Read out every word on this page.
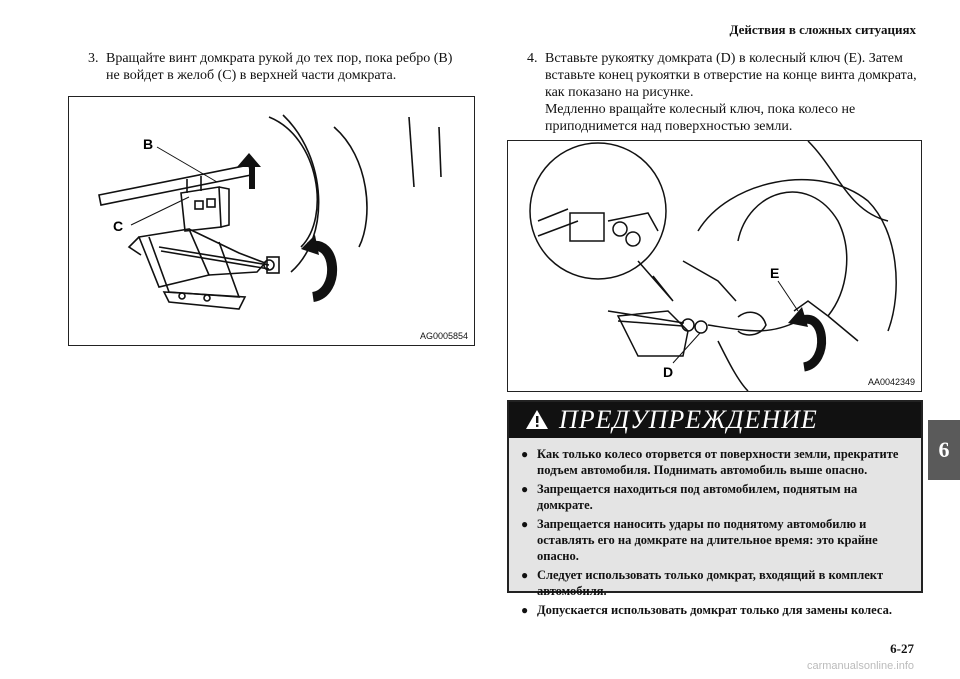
Действия в сложных ситуациях
3. Вращайте винт домкрата рукой до тех пор, пока ребро (B) не войдет в желоб (C) в верхней части домкрата.
B
C
AG0005854
4. Вставьте рукоятку домкрата (D) в колесный ключ (E). Затем вставьте конец рукоятки в отверстие на конце винта домкрата, как показано на рисунке.
Медленно вращайте колесный ключ, пока колесо не приподнимется над поверхностью земли.
E
D
AA0042349
ПРЕДУПРЕЖДЕНИЕ
● Как только колесо оторвется от поверхности земли, прекратите подъем автомобиля. Поднимать автомобиль выше опасно.
● Запрещается находиться под автомобилем, поднятым на домкрате.
● Запрещается наносить удары по поднятому автомобилю и оставлять его на домкрате на длительное время: это крайне опасно.
● Следует использовать только домкрат, входящий в комплект автомобиля.
● Допускается использовать домкрат только для замены колеса.
6
6-27
carmanualsonline.info
